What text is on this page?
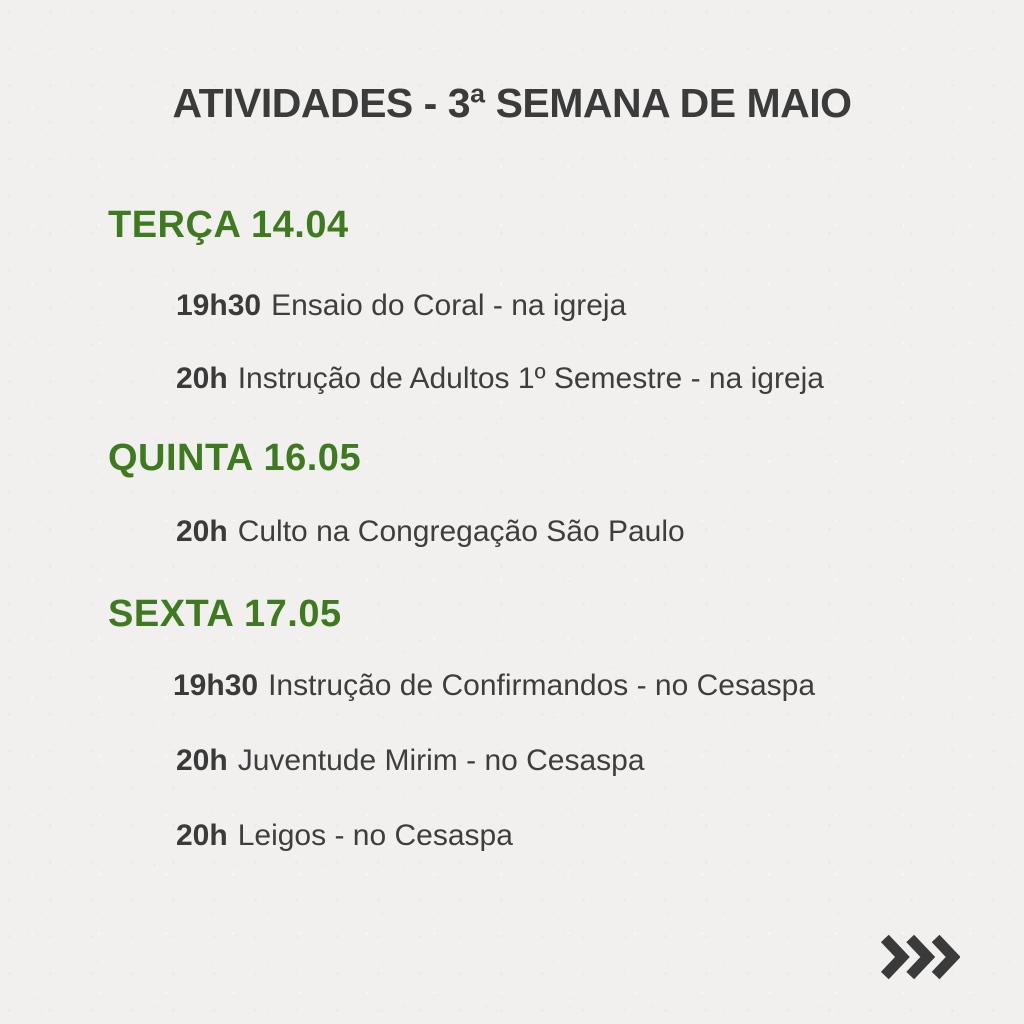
ATIVIDADES - 3ª SEMANA DE MAIO
TERÇA 14.04

19h30 Ensaio do Coral - na igreja

20h Instrução de Adultos 1º Semestre - na igreja

QUINTA 16.05

20h Culto na Congregação São Paulo

SEXTA 17.05

19h30 Instrução de Confirmandos - no Cesaspa

20h Juventude Mirim - no Cesaspa

20h Leigos - no Cesaspa
